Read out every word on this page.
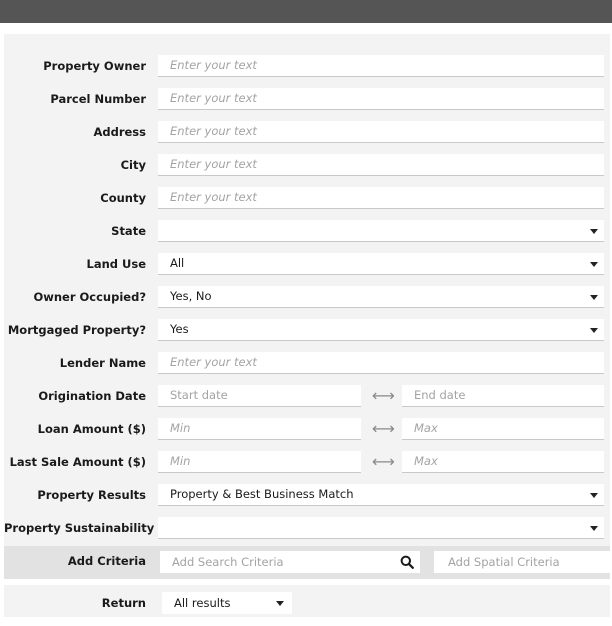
Property Owner	Enter your text
Parcel Number	Enter your text
Address	Enter your text
City	Enter your text
County	Enter your text
State
Land Use	All
Owner Occupied?	Yes, No
Mortgaged Property?	Yes
Lender Name	Enter your text
Origination Date	Start date	⟷	End date
Loan Amount ($)	Min	⟷	Max
Last Sale Amount ($)	Min	⟷	Max
Property Results	Property & Best Business Match
Property Sustainability
Add Criteria	Add Search Criteria	Add Spatial Criteria
Return	All results
